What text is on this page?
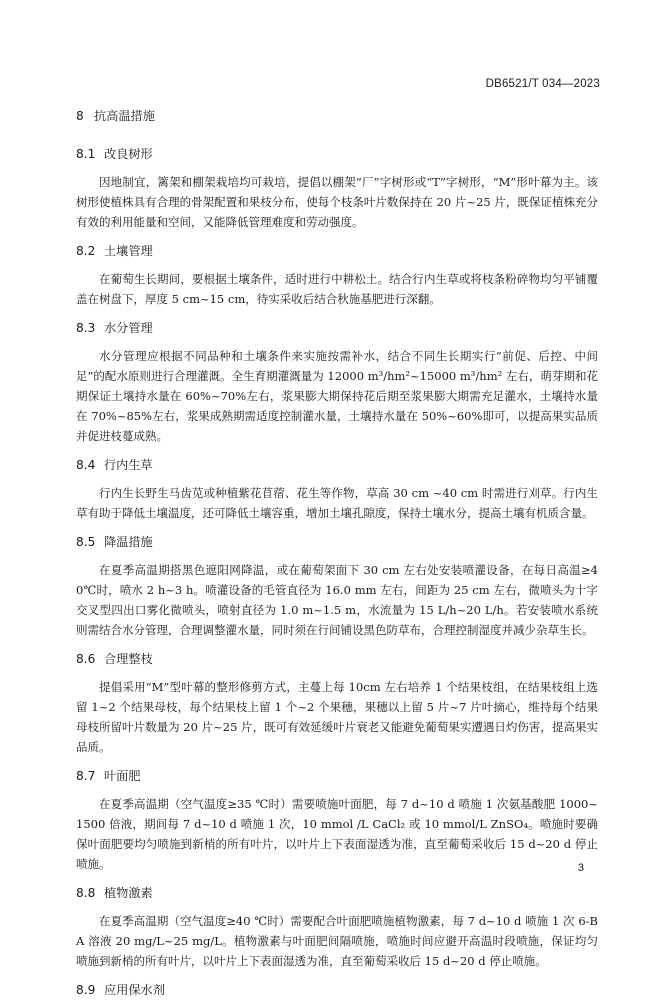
DB6521/T 034—2023
8 抗高温措施
8.1 改良树形

因地制宜，篱架和棚架栽培均可栽培，提倡以棚架“厂”字树形或“T”字树形，“M”形叶幕为主。该树形使植株具有合理的骨架配置和果枝分布，使每个枝条叶片数保持在 20 片~25 片，既保证植株充分有效的利用能量和空间，又能降低管理难度和劳动强度。

8.2 土壤管理

在葡萄生长期间，要根据土壤条件，适时进行中耕松土。结合行内生草或将枝条粉碎物均匀平铺覆盖在树盘下，厚度 5 cm~15 cm，待实采收后结合秋施基肥进行深翻。

8.3 水分管理

水分管理应根据不同品种和土壤条件来实施按需补水，结合不同生长期实行“前促、后控、中间足”的配水原则进行合理灌溉。全生育期灌溉量为 12000 m³/hm²~15000 m³/hm² 左右，萌芽期和花期保证土壤持水量在 60%~70%左右，浆果膨大期保持花后期至浆果膨大期需充足灌水，土壤持水量在 70%~85%左右，浆果成熟期需适度控制灌水量，土壤持水量在 50%~60%即可，以提高果实品质并促进枝蔓成熟。

8.4 行内生草

行内生长野生马齿苋或种植紫花苜蓿、花生等作物，草高 30 cm ~40 cm 时需进行刈草。行内生草有助于降低土壤温度，还可降低土壤容重，增加土壤孔隙度，保持土壤水分，提高土壤有机质含量。

8.5 降温措施

在夏季高温期搭黑色遮阳网降温，或在葡萄架面下 30 cm 左右处安装喷灌设备，在每日高温≥40℃时，喷水 2 h~3 h。喷灌设备的毛管直径为 16.0 mm 左右，间距为 25 cm 左右，微喷头为十字交叉型四出口雾化微喷头，喷射直径为 1.0 m~1.5 m，水流量为 15 L/h~20 L/h。若安装喷水系统则需结合水分管理，合理调整灌水量，同时须在行间铺设黑色防草布，合理控制湿度并减少杂草生长。

8.6 合理整枝

提倡采用“M”型叶幕的整形修剪方式，主蔓上每 10cm 左右培养 1 个结果枝组，在结果枝组上选留 1~2 个结果母枝，每个结果枝上留 1 个~2 个果穗，果穗以上留 5 片~7 片叶摘心，维持每个结果母枝所留叶片数量为 20 片~25 片，既可有效延缓叶片衰老又能避免葡萄果实遭遇日灼伤害，提高果实品质。

8.7 叶面肥

在夏季高温期（空气温度≥35 ℃时）需要喷施叶面肥，每 7 d~10 d 喷施 1 次氨基酸肥 1000~1500 倍液，期间每 7 d~10 d 喷施 1 次，10 mmol /L CaCl₂ 或 10 mmol/L ZnSO₄。喷施时要确保叶面肥要均匀喷施到新梢的所有叶片，以叶片上下表面湿透为准，直至葡萄采收后 15 d~20 d 停止喷施。

8.8 植物激素

在夏季高温期（空气温度≥40 ℃时）需要配合叶面肥喷施植物激素，每 7 d~10 d 喷施 1 次 6-BA 溶液 20 mg/L~25 mg/L。植物激素与叶面肥间隔喷施，喷施时间应避开高温时段喷施，保证均匀喷施到新梢的所有叶片，以叶片上下表面湿透为准，直至葡萄采收后 15 d~20 d 停止喷施。

8.9 应用保水剂
3
